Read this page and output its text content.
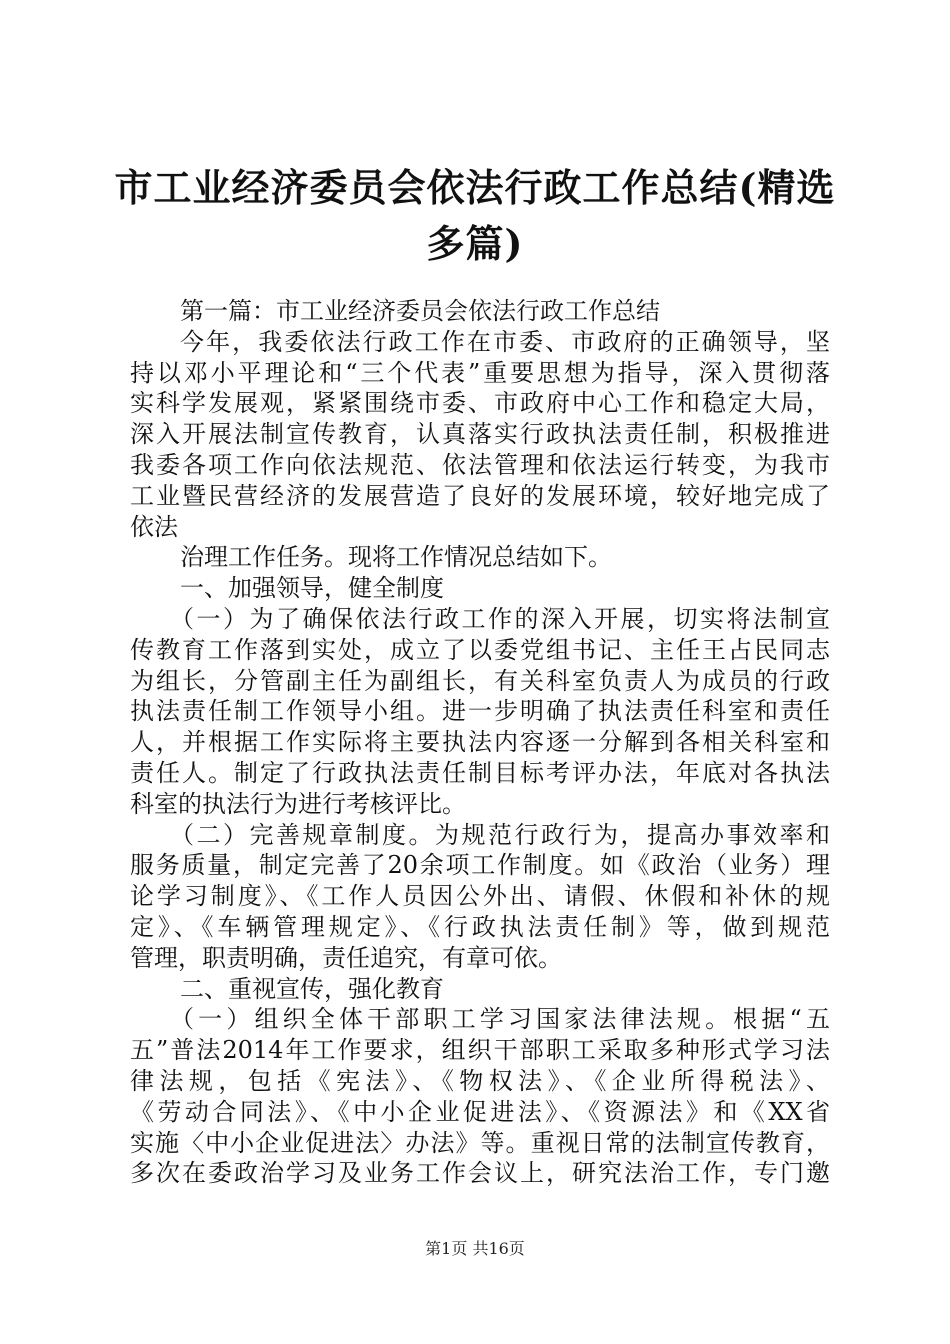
市工业经济委员会依法行政工作总结(精选多篇)
第一篇：市工业经济委员会依法行政工作总结
今年，我委依法行政工作在市委、市政府的正确领导，坚
持以邓小平理论和“三个代表”重要思想为指导，深入贯彻落
实科学发展观，紧紧围绕市委、市政府中心工作和稳定大局，
深入开展法制宣传教育，认真落实行政执法责任制，积极推进
我委各项工作向依法规范、依法管理和依法运行转变，为我市
工业暨民营经济的发展营造了良好的发展环境，较好地完成了
依法
治理工作任务。现将工作情况总结如下。
一、加强领导，健全制度
（一）为了确保依法行政工作的深入开展，切实将法制宣
传教育工作落到实处，成立了以委党组书记、主任王占民同志
为组长，分管副主任为副组长，有关科室负责人为成员的行政
执法责任制工作领导小组。进一步明确了执法责任科室和责任
人，并根据工作实际将主要执法内容逐一分解到各相关科室和
责任人。制定了行政执法责任制目标考评办法，年底对各执法
科室的执法行为进行考核评比。
（二）完善规章制度。为规范行政行为，提高办事效率和
服务质量，制定完善了20余项工作制度。如《政治（业务）理
论学习制度》、《工作人员因公外出、请假、休假和补休的规
定》、《车辆管理规定》、《行政执法责任制》等，做到规范
管理，职责明确，责任追究，有章可依。
二、重视宣传，强化教育
（一）组织全体干部职工学习国家法律法规。根据“五
五”普法2014年工作要求，组织干部职工采取多种形式学习法
律法规，包括《宪法》、《物权法》、《企业所得税法》、
《劳动合同法》、《中小企业促进法》、《资源法》和《XX省
实施〈中小企业促进法〉办法》等。重视日常的法制宣传教育，
多次在委政治学习及业务工作会议上，研究法治工作，专门邀
第1页 共16页
